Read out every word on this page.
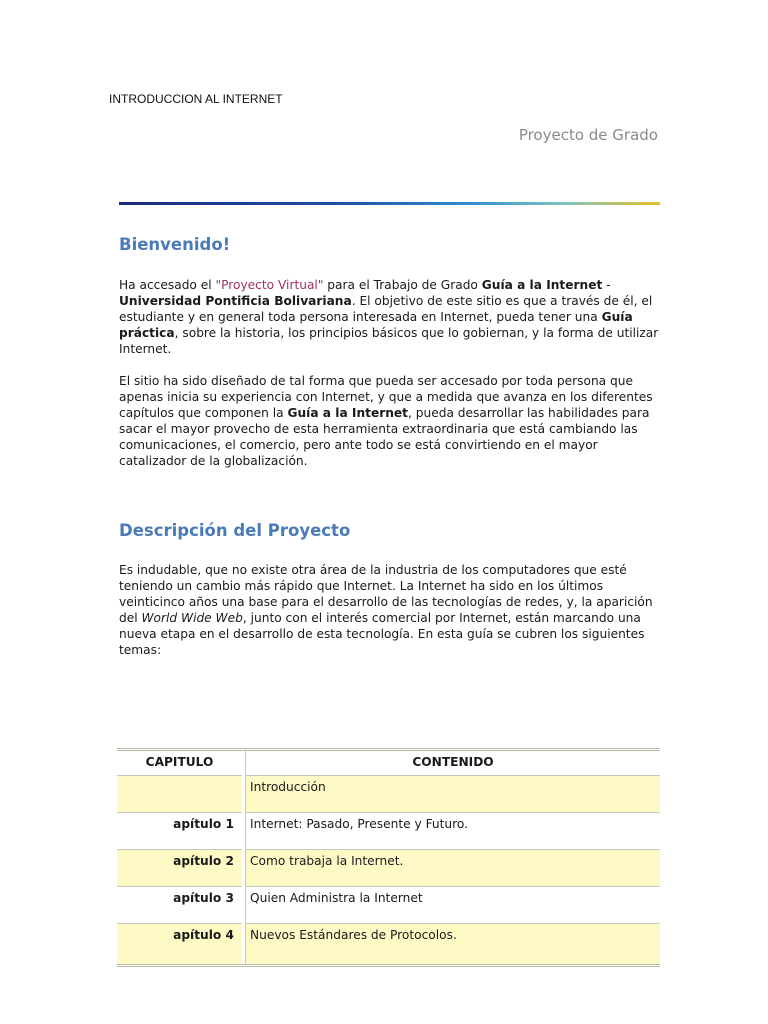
INTRODUCCION AL INTERNET
Proyecto de Grado
Bienvenido!

Ha accesado el "Proyecto Virtual" para el Trabajo de Grado Guía a la Internet - Universidad Pontificia Bolivariana. El objetivo de este sitio es que a través de él, el estudiante y en general toda persona interesada en Internet, pueda tener una Guía práctica, sobre la historia, los principios básicos que lo gobiernan, y la forma de utilizar Internet.

El sitio ha sido diseñado de tal forma que pueda ser accesado por toda persona que apenas inicia su experiencia con Internet, y que a medida que avanza en los diferentes capítulos que componen la Guía a la Internet, pueda desarrollar las habilidades para sacar el mayor provecho de esta herramienta extraordinaria que está cambiando las comunicaciones, el comercio, pero ante todo se está convirtiendo en el mayor catalizador de la globalización.

Descripción del Proyecto

Es indudable, que no existe otra área de la industria de los computadores que esté teniendo un cambio más rápido que Internet. La Internet ha sido en los últimos veinticinco años una base para el desarrollo de las tecnologías de redes, y, la aparición del World Wide Web, junto con el interés comercial por Internet, están marcando una nueva etapa en el desarrollo de esta tecnología. En esta guía se cubren los siguientes temas:

CAPITULO
apítulo 1
apítulo 2
apítulo 3
apítulo 4
CONTENIDO
Introducción
Internet: Pasado, Presente y Futuro.
Como trabaja la Internet.
Quien Administra la Internet
Nuevos Estándares de Protocolos.
